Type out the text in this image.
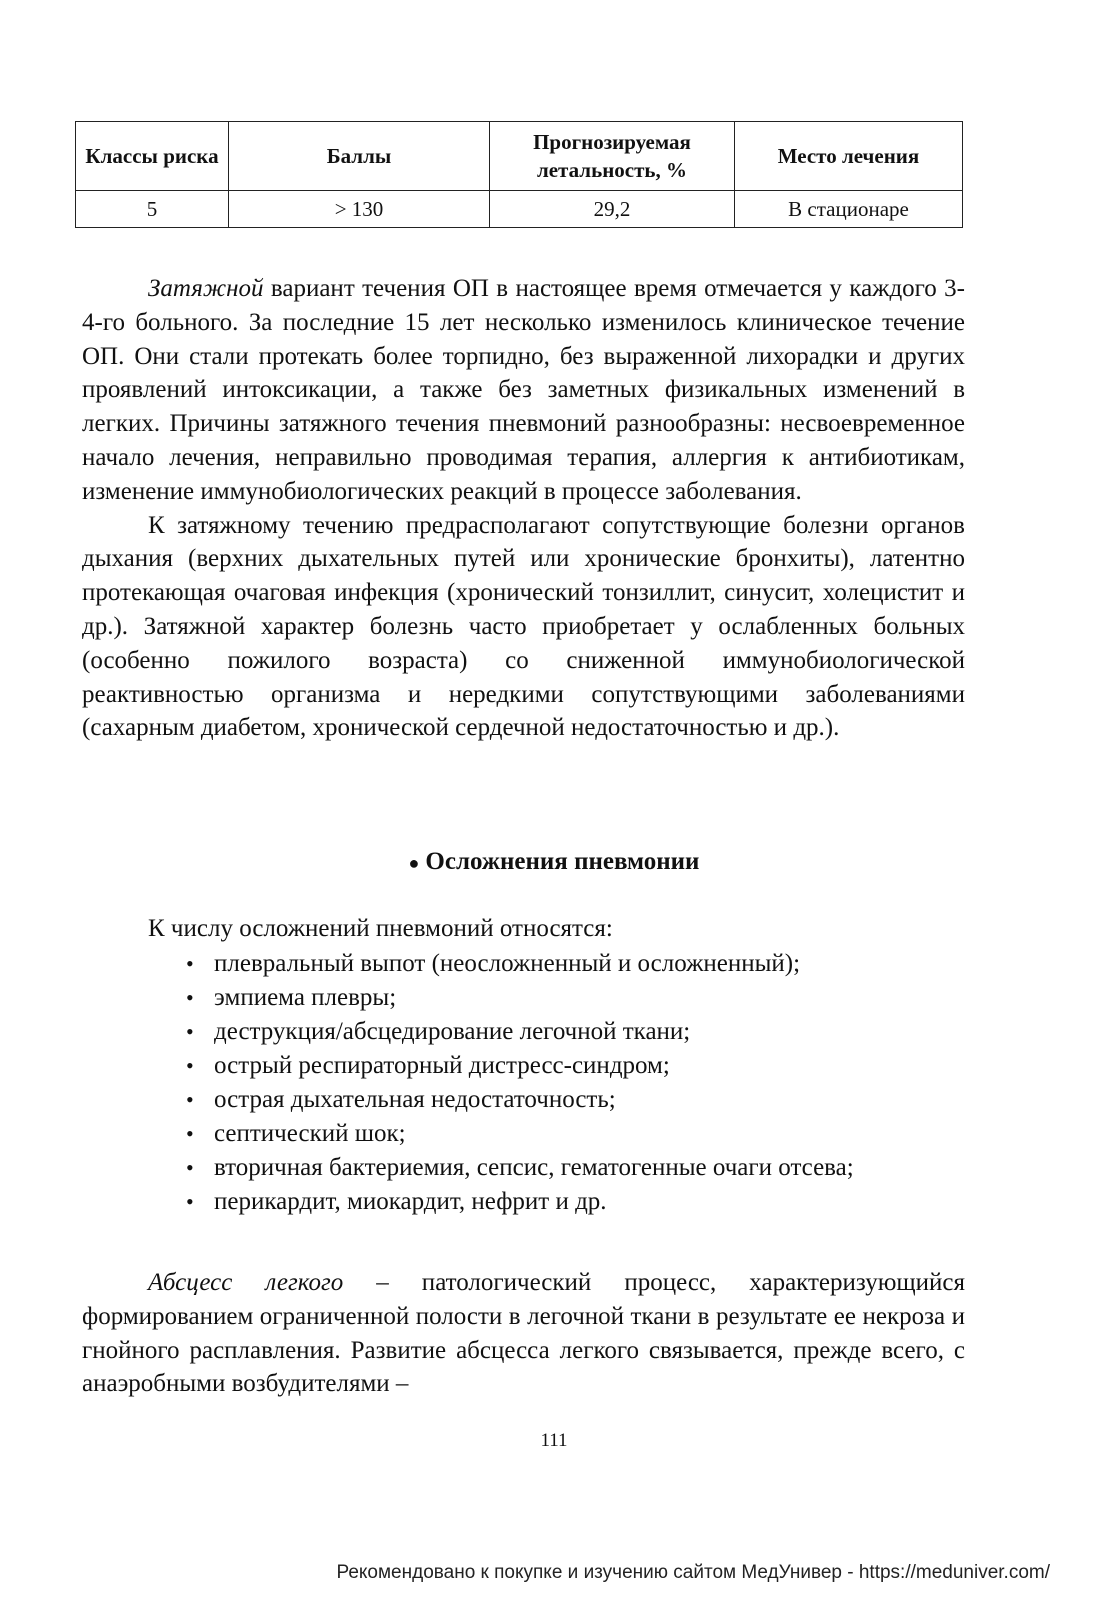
Классы риска	Баллы	Прогнозируемая летальность, %	Место лечения
5	> 130	29,2	В стационаре

Затяжной вариант течения ОП в настоящее время отмечается у каждого 3-4-го больного. За последние 15 лет несколько изменилось клиническое течение ОП. Они стали протекать более торпидно, без выраженной лихорадки и других проявлений интоксикации, а также без заметных физикальных изменений в легких. Причины затяжного течения пневмоний разнообразны: несвоевременное начало лечения, неправильно проводимая терапия, аллергия к антибиотикам, изменение иммунобиологических реакций в процессе заболевания.

К затяжному течению предрасполагают сопутствующие болезни органов дыхания (верхних дыхательных путей или хронические бронхиты), латентно протекающая очаговая инфекция (хронический тонзиллит, синусит, холецистит и др.). Затяжной характер болезнь часто приобретает у ослабленных больных (особенно пожилого возраста) со сниженной иммунобиологической реактивностью организма и нередкими сопутствующими заболеваниями (сахарным диабетом, хронической сердечной недостаточностью и др.).

● Осложнения пневмонии

К числу осложнений пневмоний относятся:

• плевральный выпот (неосложненный и осложненный);
• эмпиема плевры;
• деструкция/абсцедирование легочной ткани;
• острый респираторный дистресс-синдром;
• острая дыхательная недостаточность;
• септический шок;
• вторичная бактериемия, сепсис, гематогенные очаги отсева;
• перикардит, миокардит, нефрит и др.

Абсцесс легкого – патологический процесс, характеризующийся формированием ограниченной полости в легочной ткани в результате ее некроза и гнойного расплавления. Развитие абсцесса легкого связывается, прежде всего, с анаэробными возбудителями –

111
Рекомендовано к покупке и изучению сайтом МедУнивер - https://meduniver.com/
